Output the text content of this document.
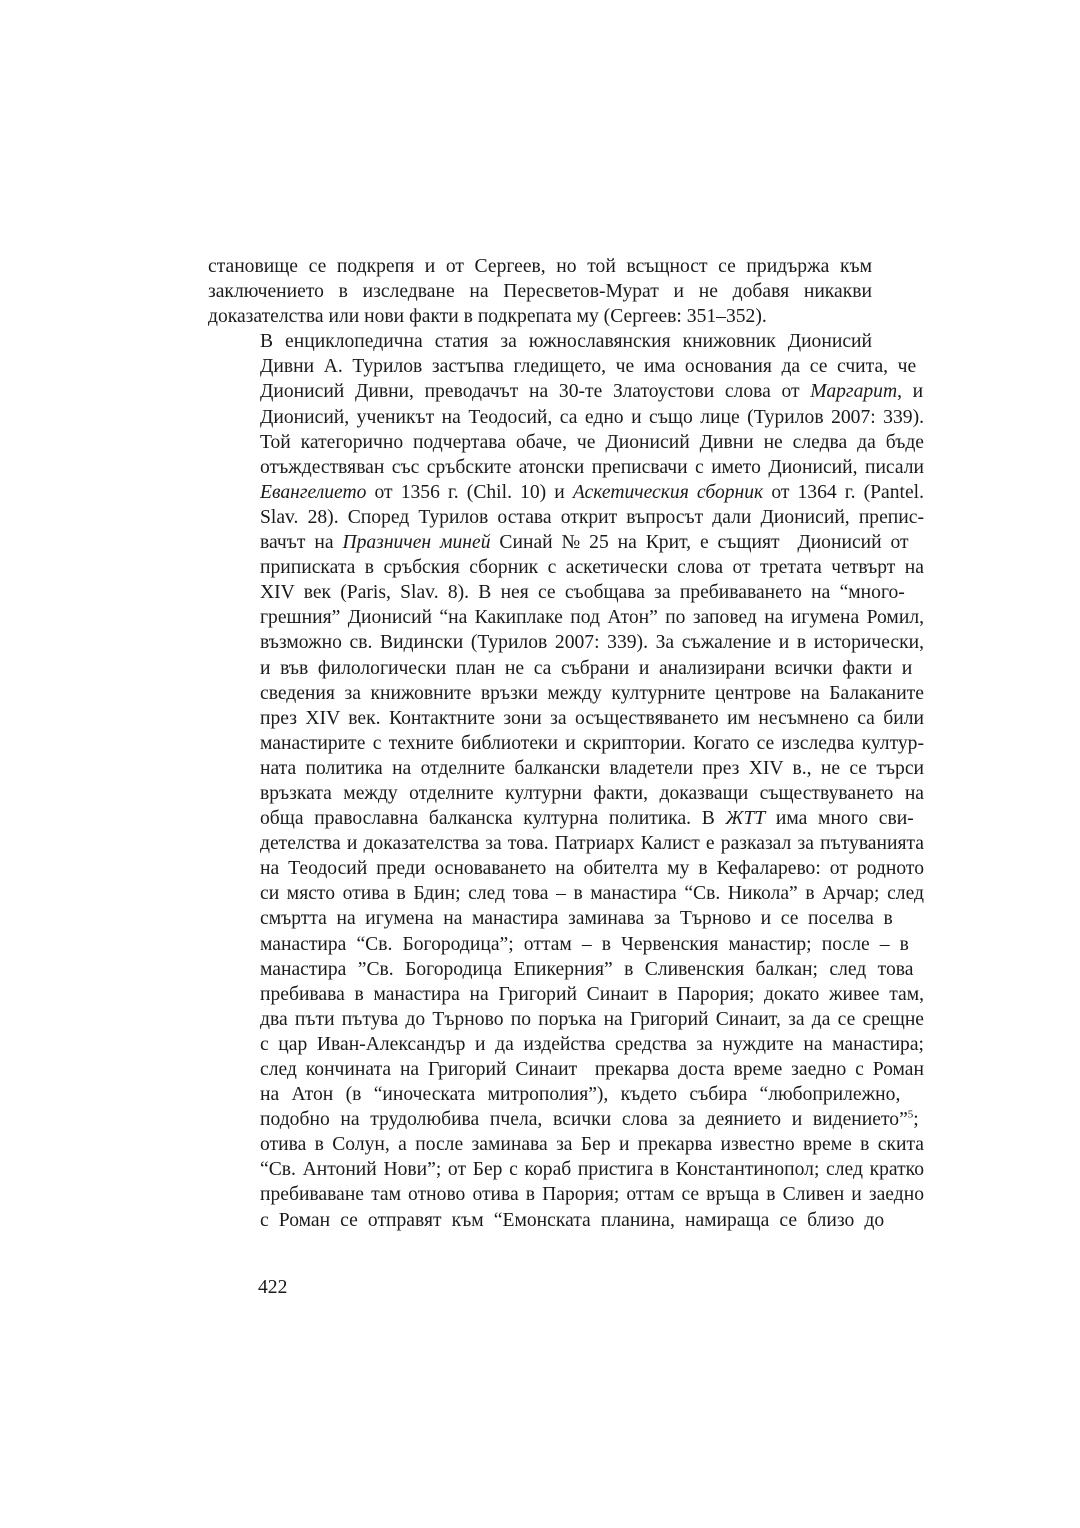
становище се подкрепя и от Сергеев, но той всъщност се придържа към
заключението в изследване на Пересветов-Мурат и не добавя никакви
доказателства или нови факти в подкрепата му (Сергеев: 351–352).

В енциклопедична статия за южнославянския книжовник Дионисий
Дивни А. Турилов застъпва гледището, че има основания да се счита, че
Дионисий Дивни, преводачът на 30-те Златоустови слова от Маргарит, и
Дионисий, ученикът на Теодосий, са едно и също лице (Турилов 2007: 339).
Той категорично подчертава обаче, че Дионисий Дивни не следва да бъде
отъждествяван със сръбските атонски преписвачи с името Дионисий, писали
Евангелието от 1356 г. (Chil. 10) и Аскетическия сборник от 1364 г. (Pantel.
Slav. 28). Според Турилов остава открит въпросът дали Дионисий, препис-
вачът на Празничен миней Синай № 25 на Крит, е същият  Дионисий от
приписката в сръбския сборник с аскетически слова от третата четвърт на
XIV век (Paris, Slav. 8). В нея се съобщава за пребиваването на “много-
грешния” Дионисий “на Какиплаке под Атон” по заповед на игумена Ромил,
възможно св. Видински (Турилов 2007: 339). За съжаление и в исторически,
и във филологически план не са събрани и анализирани всички факти и
сведения за книжовните връзки между културните центрове на Балаканите
през XIV век. Контактните зони за осъществяването им несъмнено са били
манастирите с техните библиотеки и скриптории. Когато се изследва култур-
ната политика на отделните балкански владетели през XIV в., не се търси
връзката между отделните културни факти, доказващи съществуването на
обща православна балканска културна политика. В ЖТТ има много сви-
детелства и доказателства за това. Патриарх Калист е разказал за пътуванията
на Теодосий преди основаването на обителта му в Кефаларево: от родното
си място отива в Бдин; след това – в манастира “Св. Никола” в Арчар; след
смъртта на игумена на манастира заминава за Търново и се поселва в
манастира “Св. Богородица”; оттам – в Червенския манастир; после – в
манастира ”Св. Богородица Епикерния” в Сливенския балкан; след това
пребивава в манастира на Григорий Синаит в Парория; докато живее там,
два пъти пътува до Търново по поръка на Григорий Синаит, за да се срещне
с цар Иван-Александър и да издейства средства за нуждите на манастира;
след кончината на Григорий Синаит  прекарва доста време заедно с Роман
на Атон (в “иноческата митрополия”), където събира “любоприлежно,
подобно на трудолюбива пчела, всички слова за деянието и видението”$^5$;
отива в Солун, а после заминава за Бер и прекарва известно време в скита
“Св. Антоний Нови”; от Бер с кораб пристига в Константинопол; след кратко
пребиваване там отново отива в Парория; оттам се връща в Сливен и заедно
с Роман се отправят към “Емонската планина, намираща се близо до

422
